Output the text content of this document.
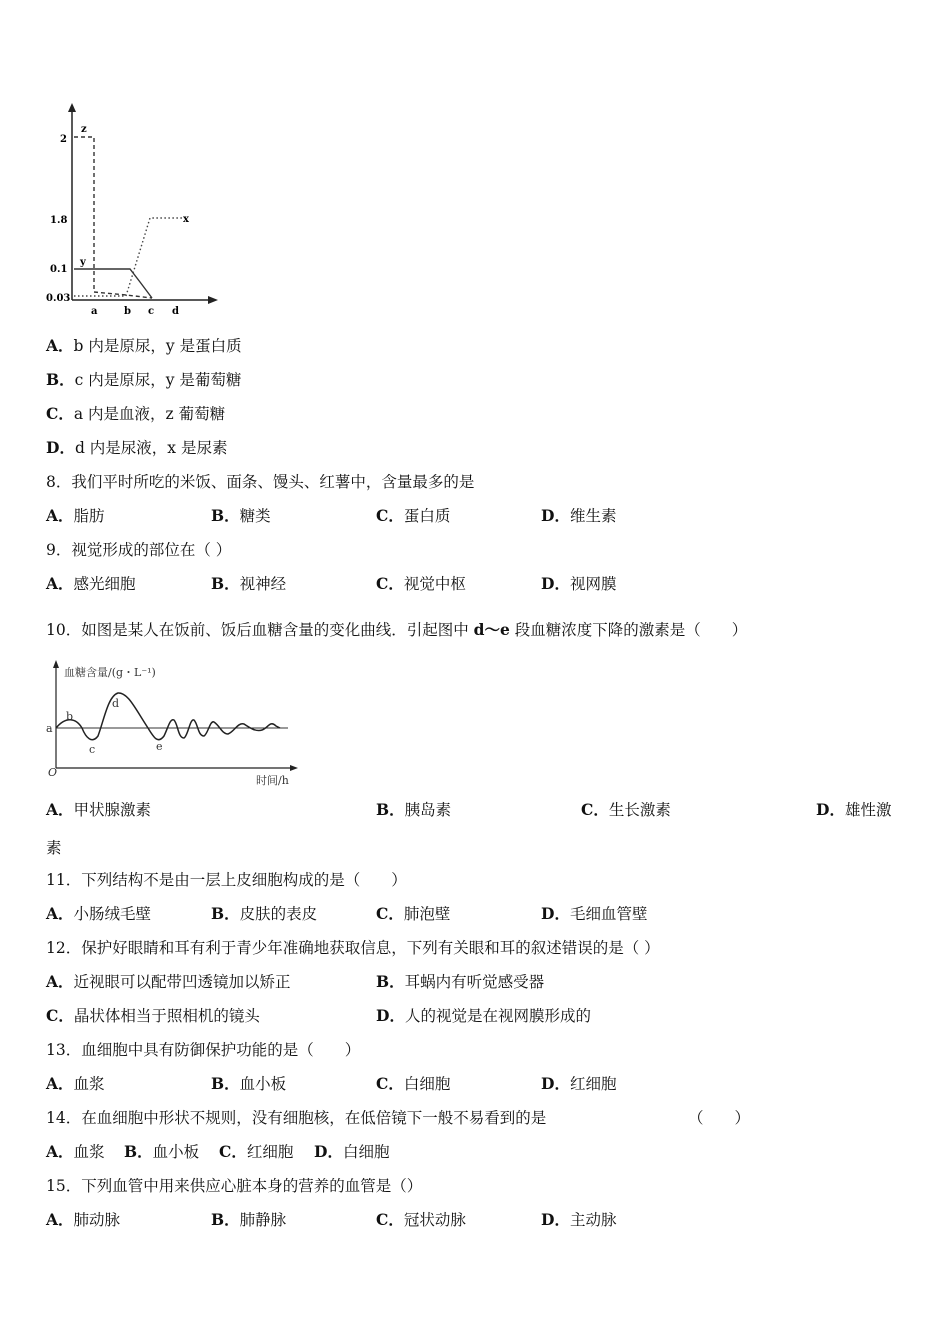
2
1.8
0.1
0.03
a	b c d
z
y
x
A．b 内是原尿，y 是蛋白质
B．c 内是原尿，y 是葡萄糖
C．a 内是血液，z 葡萄糖
D．d 内是尿液，x 是尿素
8．我们平时所吃的米饭、面条、馒头、红薯中，含量最多的是
A．脂肪	B．糖类	C．蛋白质	D．维生素
9．视觉形成的部位在（ ）
A．感光细胞	B．视神经	C．视觉中枢	D．视网膜
10．如图是某人在饭前、饭后血糖含量的变化曲线．引起图中 d～e 段血糖浓度下降的激素是（　　）
血糖含量/(g・L⁻¹)
时间/h
O
a
b
c
d
e
A．甲状腺激素	B．胰岛素	C．生长激素	D．雄性激
素
11．下列结构不是由一层上皮细胞构成的是（　　）
A．小肠绒毛壁	B．皮肤的表皮	C．肺泡壁	D．毛细血管壁
12．保护好眼睛和耳有利于青少年准确地获取信息，下列有关眼和耳的叙述错误的是（ ）
A．近视眼可以配带凹透镜加以矫正	B．耳蜗内有听觉感受器
C．晶状体相当于照相机的镜头	D．人的视觉是在视网膜形成的
13．血细胞中具有防御保护功能的是（　　）
A．血浆	B．血小板	C．白细胞	D．红细胞
14．在血细胞中形状不规则，没有细胞核，在低倍镜下一般不易看到的是	（　　）
A．血浆 B．血小板 C．红细胞 D．白细胞
15．下列血管中用来供应心脏本身的营养的血管是（）
A．肺动脉	B．肺静脉	C．冠状动脉	D．主动脉
